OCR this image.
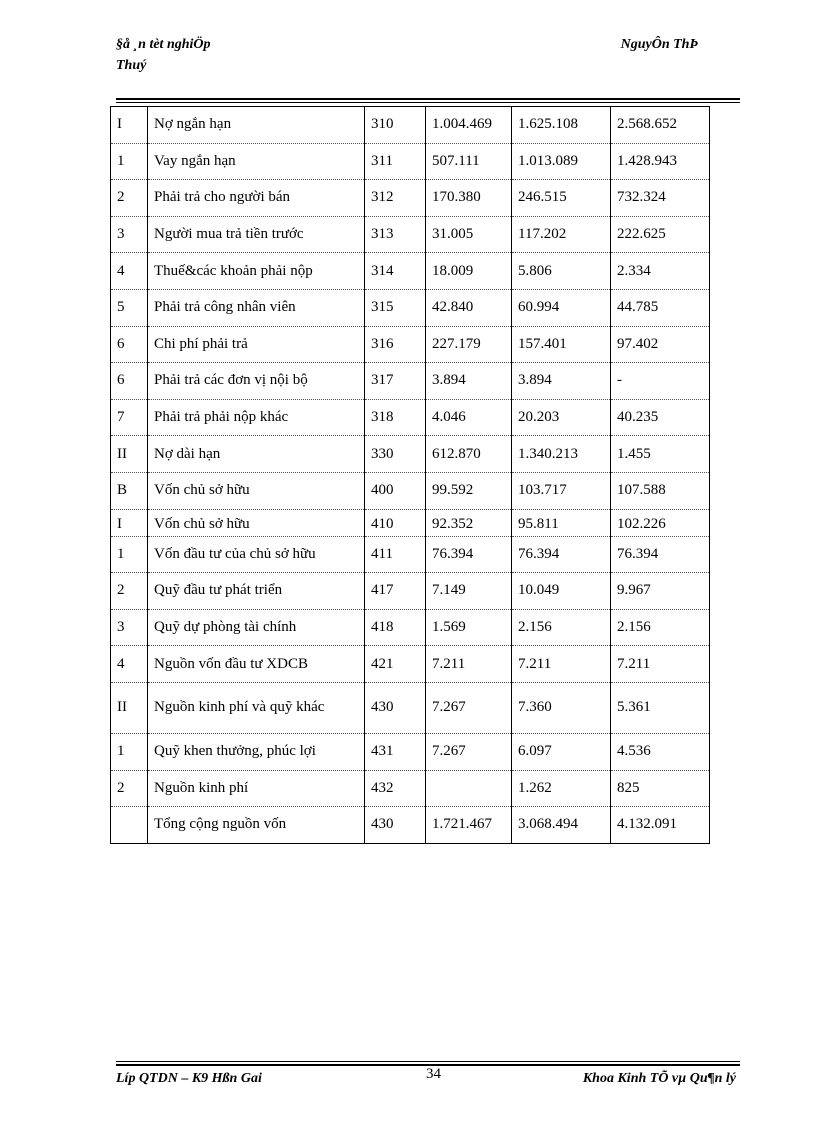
§å ¸n tèt nghiÖp
Thuý
NguyÔn ThÞ
I	Nợ ngắn hạn	310	1.004.469	1.625.108	2.568.652
1	Vay ngắn hạn	311	507.111	1.013.089	1.428.943
2	Phải trả cho người bán	312	170.380	246.515	732.324
3	Người mua trả tiền trước	313	31.005	117.202	222.625
4	Thuế&các khoản phải nộp	314	18.009	5.806	2.334
5	Phải trả công nhân viên	315	42.840	60.994	44.785
6	Chi phí phải trả	316	227.179	157.401	97.402
6	Phải trả các đơn vị nội bộ	317	3.894	3.894	-
7	Phải trả phải nộp khác	318	4.046	20.203	40.235
II	Nợ dài hạn	330	612.870	1.340.213	1.455
B	Vốn chủ sở hữu	400	99.592	103.717	107.588
I	Vốn chủ sở hữu	410	92.352	95.811	102.226
1	Vốn đầu tư của chủ sở hữu	411	76.394	76.394	76.394
2	Quỹ đầu tư phát triển	417	7.149	10.049	9.967
3	Quỹ dự phòng tài chính	418	1.569	2.156	2.156
4	Nguồn vốn đầu tư XDCB	421	7.211	7.211	7.211
II	Nguồn kinh phí và quỹ khác	430	7.267	7.360	5.361
1	Quỹ khen thưởng, phúc lợi	431	7.267	6.097	4.536
2	Nguồn kinh phí	432		1.262	825
	Tổng cộng nguồn vốn	430	1.721.467	3.068.494	4.132.091
Líp QTDN – K9 Hßn Gai	34	Khoa Kinh TÕ vµ Qu¶n lý
